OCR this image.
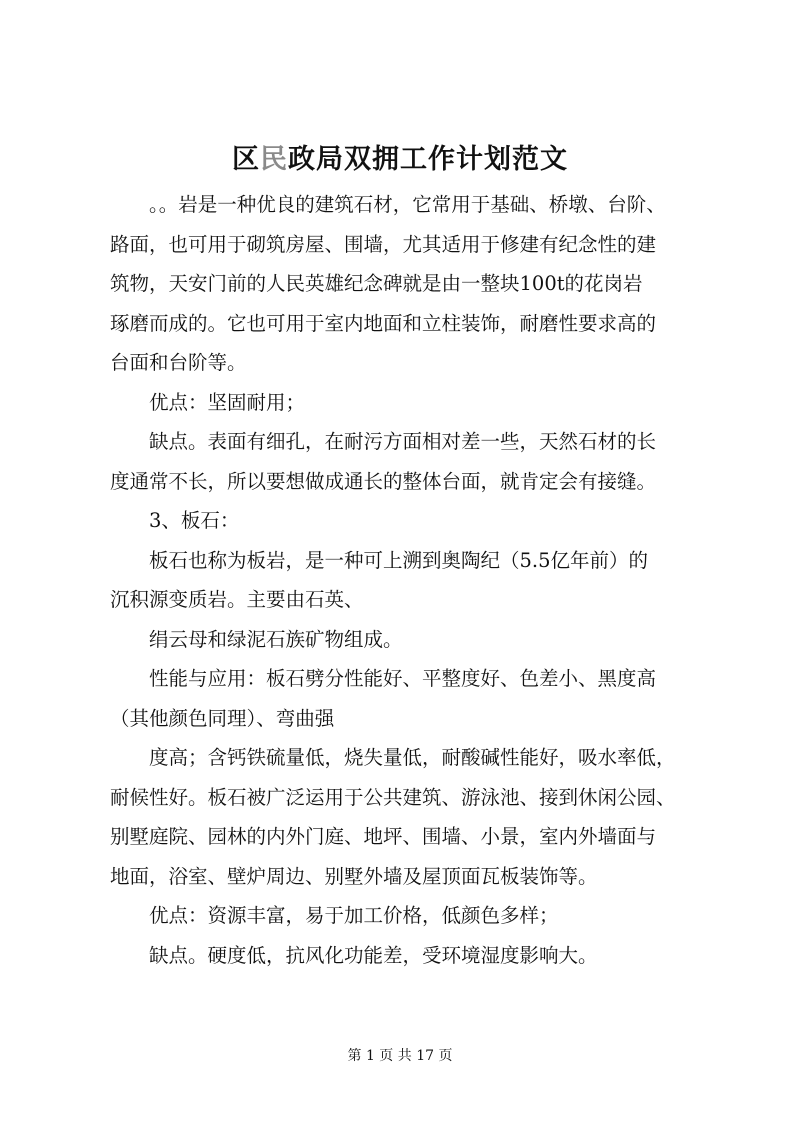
区民政局双拥工作计划范文
。。岩是一种优良的建筑石材，它常用于基础、桥墩、台阶、
路面，也可用于砌筑房屋、围墙，尤其适用于修建有纪念性的建
筑物，天安门前的人民英雄纪念碑就是由一整块100t的花岗岩
琢磨而成的。它也可用于室内地面和立柱装饰，耐磨性要求高的
台面和台阶等。
优点：坚固耐用；
缺点。表面有细孔，在耐污方面相对差一些，天然石材的长
度通常不长，所以要想做成通长的整体台面，就肯定会有接缝。
3、板石：
板石也称为板岩，是一种可上溯到奥陶纪（5.5亿年前）的
沉积源变质岩。主要由石英、
绢云母和绿泥石族矿物组成。
性能与应用：板石劈分性能好、平整度好、色差小、黑度高
（其他颜色同理）、弯曲强
度高；含钙铁硫量低，烧失量低，耐酸碱性能好，吸水率低，
耐候性好。板石被广泛运用于公共建筑、游泳池、接到休闲公园、
别墅庭院、园林的内外门庭、地坪、围墙、小景，室内外墙面与
地面，浴室、壁炉周边、别墅外墙及屋顶面瓦板装饰等。
优点：资源丰富，易于加工价格，低颜色多样；
缺点。硬度低，抗风化功能差，受环境湿度影响大。
第 1 页 共 17 页
